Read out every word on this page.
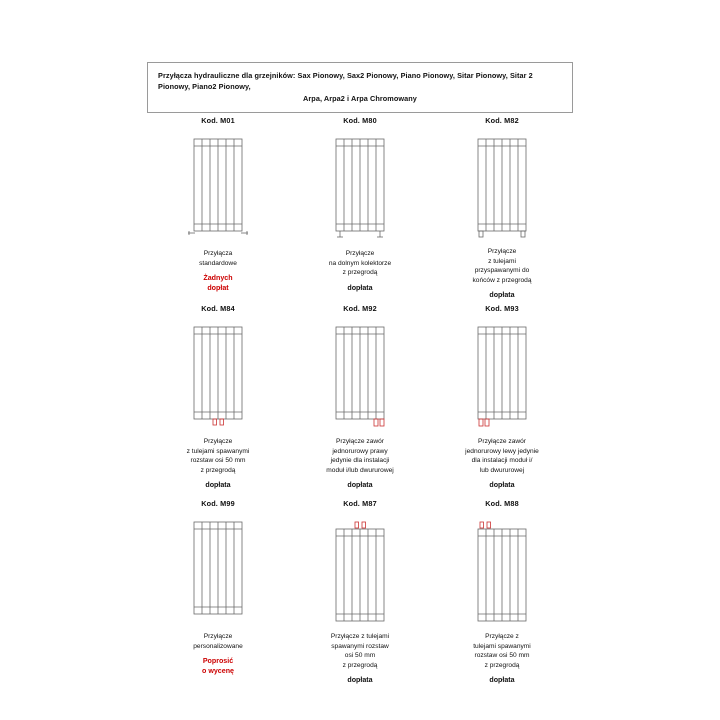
Przyłącza hydrauliczne dla grzejników: Sax Pionowy, Sax2 Pionowy, Piano Pionowy, Sitar Pionowy, Sitar 2 Pionowy, Piano2 Pionowy,
Arpa, Arpa2 i Arpa Chromowany
Kod. M01
Przyłącza
standardowe
Żadnych
dopłat
Kod. M80
Przyłącze
na dolnym kolektorze
z przegrodą
dopłata
Kod. M82
Przyłącze
z tulejami
przyspawanymi do
końców z przegrodą
dopłata
Kod. M84
Przyłącze
z tulejami spawanymi
rozstaw osi 50 mm
z przegrodą
dopłata
Kod. M92
Przyłącze zawór
jednorurowy prawy
jedynie dla instalacji
moduł i/lub dwururowej
dopłata
Kod. M93
Przyłącze zawór
jednorurowy lewy jedynie
dla instalacji moduł i/
lub dwururowej
dopłata
Kod. M99
Przyłącze
personalizowane
Poprosić
o wycenę
Kod. M87
Przyłącze z tulejami
spawanymi rozstaw
osi 50 mm
z przegrodą
dopłata
Kod. M88
Przyłącze z
tulejami spawanymi
rozstaw osi 50 mm
z przegrodą
dopłata
